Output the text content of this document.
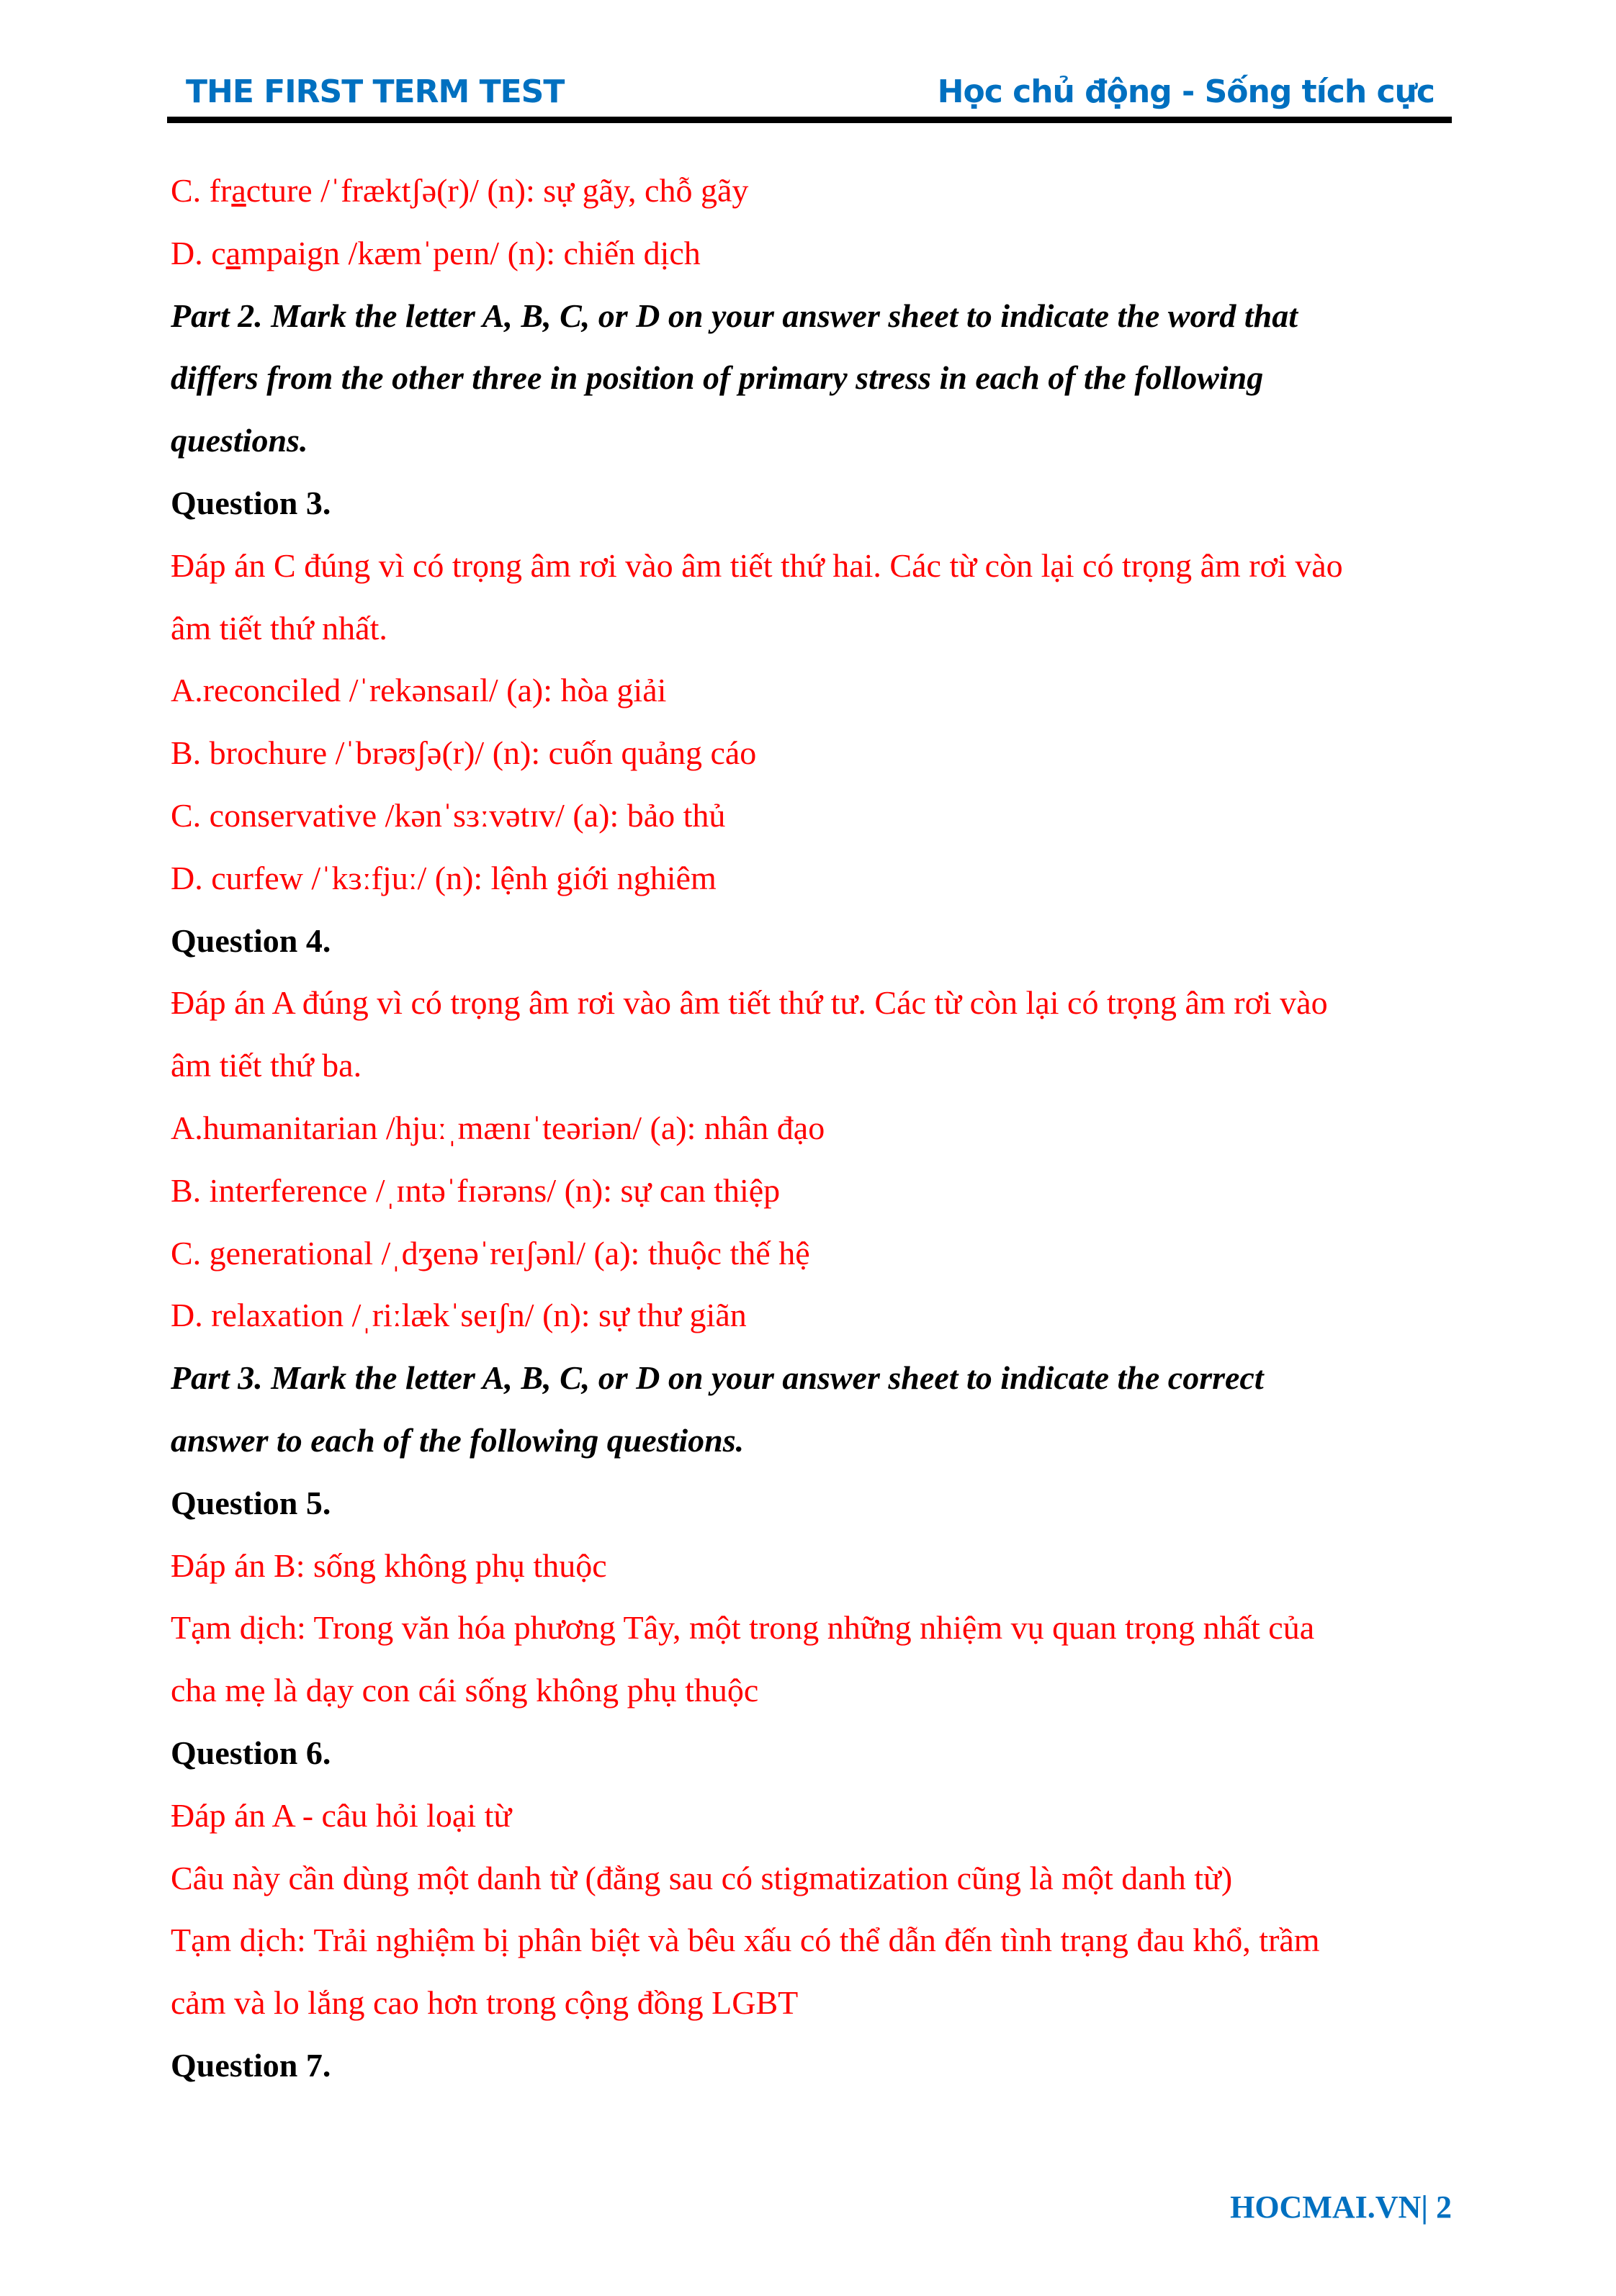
THE FIRST TERM TEST	Học chủ động - Sống tích cực
C. fracture /ˈfræktʃə(r)/ (n): sự gãy, chỗ gãy
D. campaign /kæmˈpeɪn/ (n): chiến dịch
Part 2. Mark the letter A, B, C, or D on your answer sheet to indicate the word that
differs from the other three in position of primary stress in each of the following
questions.
Question 3.
Đáp án C đúng vì có trọng âm rơi vào âm tiết thứ hai. Các từ còn lại có trọng âm rơi vào
âm tiết thứ nhất.
A.reconciled /ˈrekənsaɪl/ (a): hòa giải
B. brochure /ˈbrəʊʃə(r)/ (n): cuốn quảng cáo
C. conservative /kənˈsɜːvətɪv/ (a): bảo thủ
D. curfew /ˈkɜːfjuː/ (n): lệnh giới nghiêm
Question 4.
Đáp án A đúng vì có trọng âm rơi vào âm tiết thứ tư. Các từ còn lại có trọng âm rơi vào
âm tiết thứ ba.
A.humanitarian /hjuːˌmænɪˈteəriən/ (a): nhân đạo
B. interference /ˌɪntəˈfɪərəns/ (n): sự can thiệp
C. generational /ˌdʒenəˈreɪʃənl/ (a): thuộc thế hệ
D. relaxation /ˌriːlækˈseɪʃn/ (n): sự thư giãn
Part 3. Mark the letter A, B, C, or D on your answer sheet to indicate the correct
answer to each of the following questions.
Question 5.
Đáp án B: sống không phụ thuộc
Tạm dịch: Trong văn hóa phương Tây, một trong những nhiệm vụ quan trọng nhất của
cha mẹ là dạy con cái sống không phụ thuộc
Question 6.
Đáp án A - câu hỏi loại từ
Câu này cần dùng một danh từ (đằng sau có stigmatization cũng là một danh từ)
Tạm dịch: Trải nghiệm bị phân biệt và bêu xấu có thể dẫn đến tình trạng đau khổ, trầm
cảm và lo lắng cao hơn trong cộng đồng LGBT
Question 7.
HOCMAI.VN| 2
